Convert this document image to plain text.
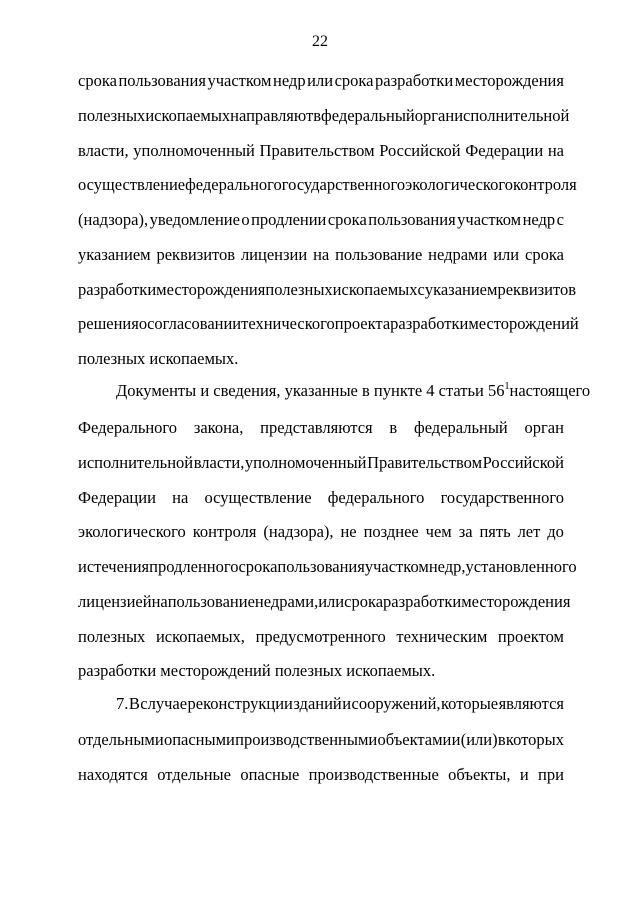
22
срока пользования участком недр или срока разработки месторождения
полезных ископаемых направляют в федеральный орган исполнительной
власти, уполномоченный Правительством Российской Федерации на
осуществление федерального государственного экологического контроля
(надзора), уведомление о продлении срока пользования участком недр с
указанием реквизитов лицензии на пользование недрами или срока
разработки месторождения полезных ископаемых с указанием реквизитов
решения о согласовании технического проекта разработки месторождений
полезных ископаемых.
Документы и сведения, указанные в пункте 4 статьи $56^1$ настоящего
Федерального закона, представляются в федеральный орган
исполнительной власти, уполномоченный Правительством Российской
Федерации на осуществление федерального государственного
экологического контроля (надзора), не позднее чем за пять лет до
истечения продленного срока пользования участком недр, установленного
лицензией на пользование недрами, или срока разработки месторождения
полезных ископаемых, предусмотренного техническим проектом
разработки месторождений полезных ископаемых.
7. В случае реконструкции зданий и сооружений, которые являются
отдельными опасными производственными объектами и (или) в которых
находятся отдельные опасные производственные объекты, и при
